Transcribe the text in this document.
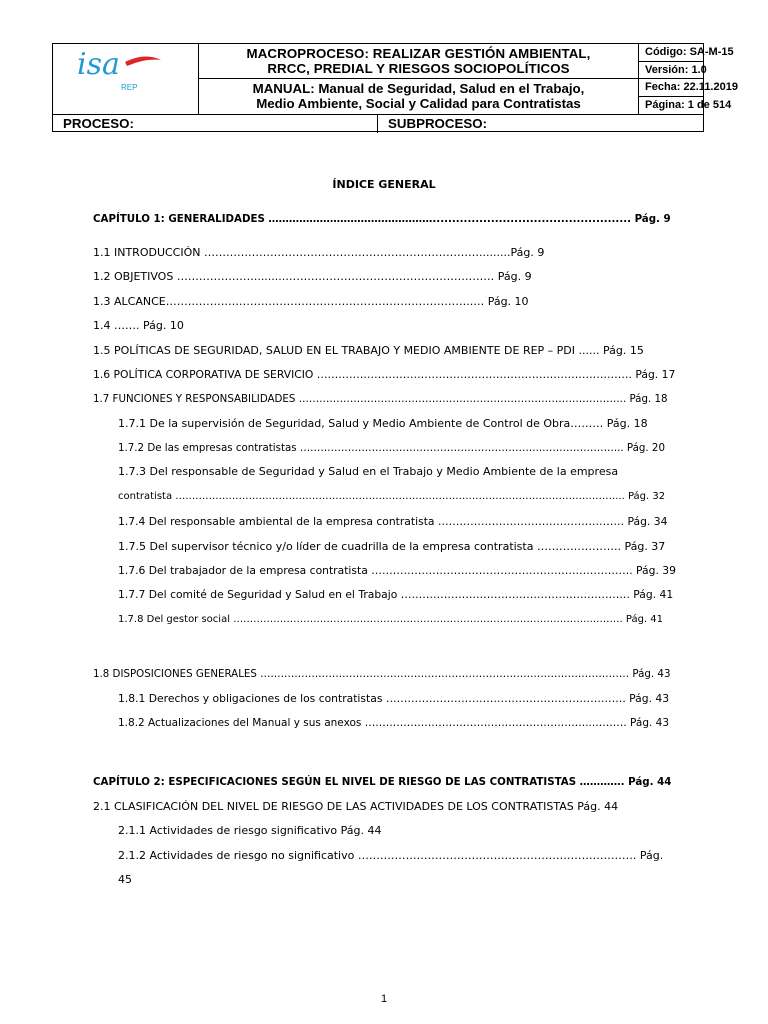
isa
REP
MACROPROCESO: REALIZAR GESTIÓN AMBIENTAL,
RRCC, PREDIAL Y RIESGOS SOCIOPOLÍTICOS
MANUAL: Manual de Seguridad, Salud en el Trabajo,
Medio Ambiente, Social y Calidad para Contratistas
Código: SA-M-15
Versión: 1.0
Fecha: 22.11.2019
Página: 1 de 514
PROCESO:	SUBPROCESO:
ÍNDICE GENERAL
CAPÍTULO 1: GENERALIDADES …………………………………………................................................... Pág. 9
1.1 INTRODUCCIÓN ………………………………………………………………….........Pág. 9
1.2 OBJETIVOS ………………….........………………………………………………… Pág. 9
1.3 ALCANCE……………….………………………………………………………..… Pág. 10
1.4 ……. Pág. 10
1.5 POLÍTICAS DE SEGURIDAD, SALUD EN EL TRABAJO Y MEDIO AMBIENTE DE REP – PDI ...... Pág. 15
1.6 POLÍTICA CORPORATIVA DE SERVICIO ……………………………………………………………………………. Pág. 17
1.7 FUNCIONES Y RESPONSABILIDADES …………………………………………………………………………………... Pág. 18
1.7.1 De la supervisión de Seguridad, Salud y Medio Ambiente de Control de Obra……… Pág. 18
1.7.2 De las empresas contratistas ……………………………………………………………..…………………... Pág. 20
1.7.3 Del responsable de Seguridad y Salud en el Trabajo y Medio Ambiente de la empresa
contratista ……………………………………………………………………………………………………………………... Pág. 32
1.7.4 Del responsable ambiental de la empresa contratista ……………………………………….…… Pág. 34
1.7.5 Del supervisor técnico y/o líder de cuadrilla de la empresa contratista ………………….. Pág. 37
1.7.6 Del trabajador de la empresa contratista ………………………………………………………………. Pág. 39
1.7.7 Del comité de Seguridad y Salud en el Trabajo ………………………………………………………. Pág. 41
1.7.8 Del gestor social ……………………………………………………………………………………………..………. Pág. 41
1.8 DISPOSICIONES GENERALES ……………………………………………………………………………………………… Pág. 43
1.8.1 Derechos y obligaciones de los contratistas …………………………………………………………. Pág. 43
1.8.2 Actualizaciones del Manual y sus anexos ………………………………………………………...……… Pág. 43
CAPÍTULO 2: ESPECIFICACIONES SEGÚN EL NIVEL DE RIESGO DE LAS CONTRATISTAS …………. Pág. 44
2.1 CLASIFICACIÓN DEL NIVEL DE RIESGO DE LAS ACTIVIDADES DE LOS CONTRATISTAS Pág. 44
2.1.1 Actividades de riesgo significativo Pág. 44
2.1.2 Actividades de riesgo no significativo …………………………………………………………………. Pág.
45
1
